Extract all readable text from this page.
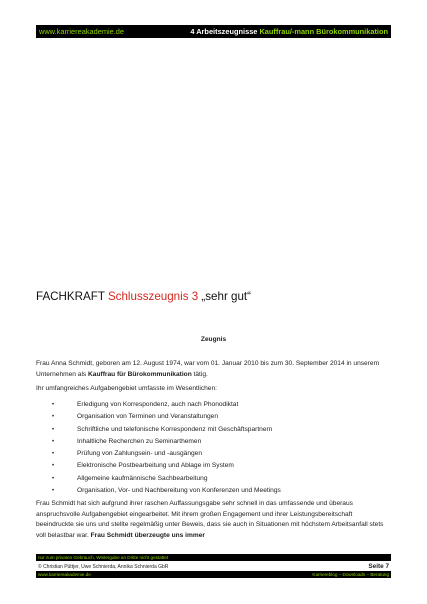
www.karriereakademie.de	4 Arbeitszeugnisse Kauffrau/-mann Bürokommunikation
FACHKRAFT Schlusszeugnis 3 „sehr gut“
Zeugnis

Frau Anna Schmidt, geboren am 12. August 1974, war vom 01. Januar 2010 bis zum 30. September 2014 in unserem Unternehmen als Kauffrau für Bürokommunikation tätig.

Ihr umfangreiches Aufgabengebiet umfasste im Wesentlichen:

•	Erledigung von Korrespondenz, auch nach Phonodiktat
•	Organisation von Terminen und Veranstaltungen
•	Schriftliche und telefonische Korrespondenz mit Geschäftspartnern
•	Inhaltliche Recherchen zu Seminarthemen
•	Prüfung von Zahlungsein- und -ausgängen
•	Elektronische Postbearbeitung und Ablage im System
•	Allgemeine kaufmännische Sachbearbeitung
•	Organisation, Vor- und Nachbereitung von Konferenzen und Meetings

Frau Schmidt hat sich aufgrund ihrer raschen Auffassungsgabe sehr schnell in das umfassende und überaus anspruchsvolle Aufgabengebiet eingearbeitet. Mit ihrem großen Engagement und ihrer Leistungsbereitschaft beeindruckte sie uns und stellte regelmäßig unter Beweis, dass sie auch in Situationen mit höchstem Arbeitsanfall stets voll belastbar war. Frau Schmidt überzeugte uns immer

nur zum privaten Gebrauch, Weitergabe an Dritte nicht gestattet
© Christian Püttjer, Uwe Schnierda, Annika Schnierda GbR	Seite 7
www.karriereakademie.de	Karriereblog – Downloads – Beratung
